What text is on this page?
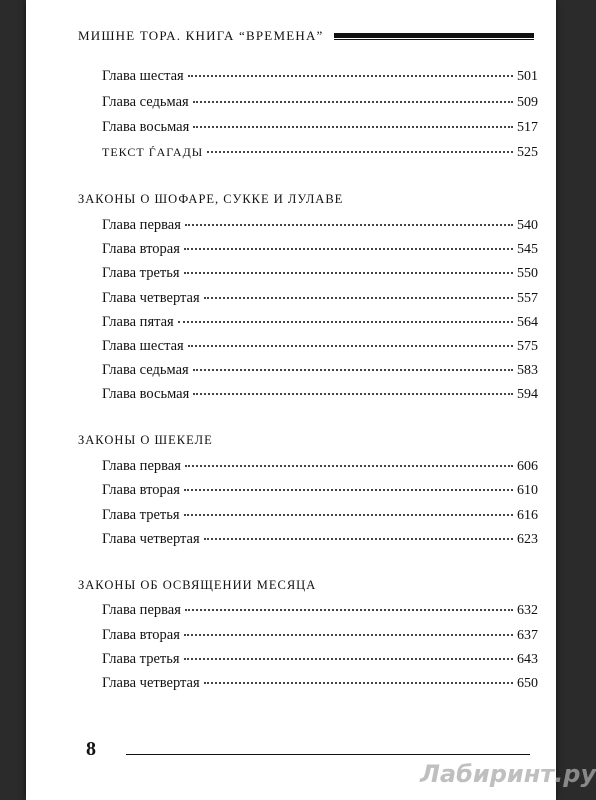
МИШНЕ ТОРА. КНИГА “ВРЕМЕНА”
Глава шестая	501
Глава седьмая	509
Глава восьмая	517
ТЕКСТ ЃАГАДЫ	525
ЗАКОНЫ О ШОФАРЕ, СУККЕ И ЛУЛАВЕ
Глава первая	540
Глава вторая	545
Глава третья	550
Глава четвертая	557
Глава пятая	564
Глава шестая	575
Глава седьмая	583
Глава восьмая	594
ЗАКОНЫ О ШЕКЕЛЕ
Глава первая	606
Глава вторая	610
Глава третья	616
Глава четвертая	623
ЗАКОНЫ ОБ ОСВЯЩЕНИИ МЕСЯЦА
Глава первая	632
Глава вторая	637
Глава третья	643
Глава четвертая	650
8
Лабиринт.ру
